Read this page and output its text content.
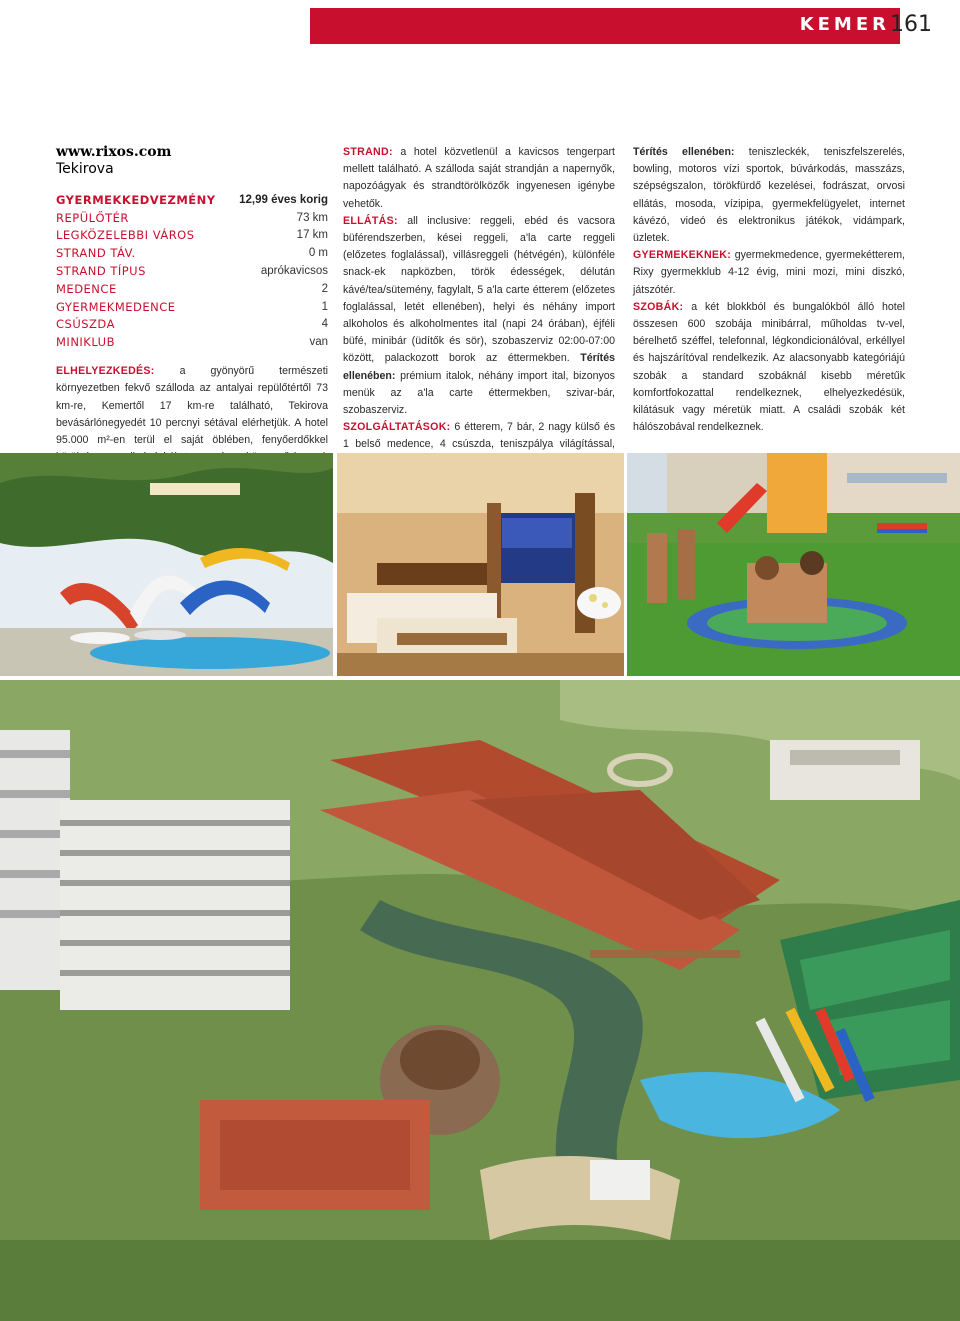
KEMER 161
www.rixos.com
Tekirova
GYERMEKKEDVEZMÉNY 12,99 éves korig
REPÜLŐTÉR	73 km
LEGKÖZELEBBI VÁROS	17 km
STRAND TÁV.	0 m
STRAND TÍPUS	aprókavicsos
MEDENCE	2
GYERMEKMEDENCE	1
CSÚSZDA	4
MINIKLUB	van

ELHELYEZKEDÉS: a gyönyörű természeti környezetben fekvő szálloda az antalyai repülőtértől 73 km-re, Kemertől 17 km-re található, Tekirova bevásárlónegyedét 10 percnyi sétával elérhetjük. A hotel 95.000 m²-en terül el saját öblében, fenyőerdőkkel

STRAND: a hotel közvetlenül a kavicsos tengerpart mellett található. A szálloda saját strandján a napernyők, napozóágyak és strandtörölközők ingyenesen igénybe vehetők.

ELLÁTÁS: all inclusive: reggeli, ebéd és vacsora büférendszerben, kései reggeli, a'la carte reggeli (előzetes foglalással), villásreggeli (hétvégén), különféle snack-ek napközben, török édességek, délután kávé/tea/sütemény, fagylalt, 5 a'la carte étterem (előzetes foglalással, letét ellenében), helyi és néhány import alkoholos és alkoholmentes ital (napi 24 órában), éjféli büfé, minibár (üdítők és sör), szobaszerviz 02:00-07:00 között, palackozott borok az éttermekben. Térítés ellenében: prémium italok, néhány import ital, bizonyos menük az a'la carte éttermekben, szivar-bár, szobaszerviz.

SZOLGÁLTATÁSOK: 6 étterem, 7 bár, 2 nagy külső és 1 belső medence, 4 csúszda, teniszpálya világítással,

Térítés ellenében: teniszleckék, teniszfelszerelés, bowling, motoros vízi sportok, búvárkodás, masszázs, szépségszalon, törökfürdő kezelései, fodrászat, orvosi ellátás, mosoda, vízipipa, gyermekfelügyelet, internet kávézó, videó és elektronikus játékok, vidámpark, üzletek.

GYERMEKEKNEK: gyermekmedence, gyermekétterem, Rixy gyermekklub 4-12 évig, mini mozi, mini diszkó, játszótér.

SZOBÁK: a két blokkból és bungalókból álló hotel összesen 600 szobája minibárral, műholdas tv-vel, bérelhető széffel, telefonnal, légkondicionálóval, erkéllyel és hajszárítóval rendelkezik. Az alacsonyabb kategóriájú szobák a standard szobáknál kisebb méretűk komfortfokozattal rendelkeznek, elhelyezkedésük, kilátásuk vagy méretük miatt. A családi szobák két hálószobával rendelkeznek.
